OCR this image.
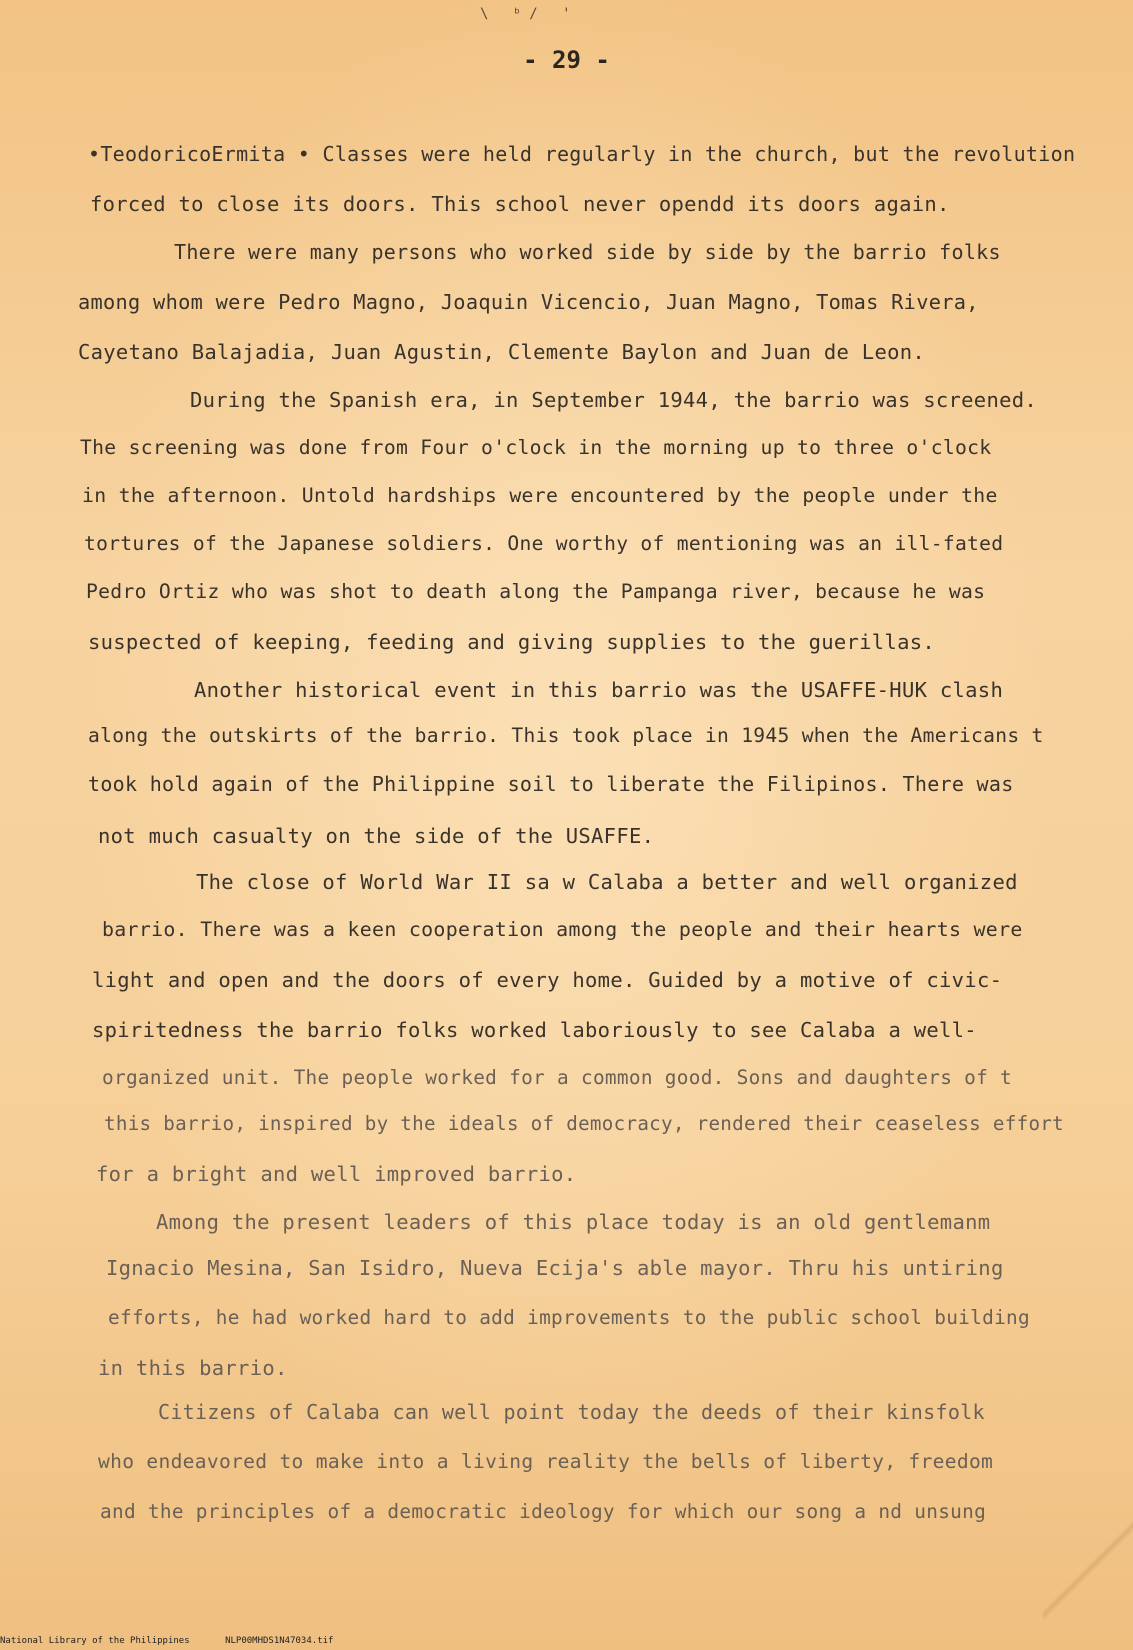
\ ᵇ/ '
- 29 -
•TeodoricoErmita • Classes were held regularly in the church, but the revolution
forced to close its doors. This school never opendd its doors again.
There were many persons who worked side by side by the barrio folks
among whom were Pedro Magno, Joaquin Vicencio, Juan Magno, Tomas Rivera,
Cayetano Balajadia, Juan Agustin, Clemente Baylon and Juan de Leon.
During the Spanish era, in September 1944, the barrio was screened.
The screening was done from Four o'clock in the morning up to three o'clock
in the afternoon. Untold hardships were encountered by the people under the
tortures of the Japanese soldiers. One worthy of mentioning was an ill-fated
Pedro Ortiz who was shot to death along the Pampanga river, because he was
suspected of keeping, feeding and giving supplies to the guerillas.
Another historical event in this barrio was the USAFFE-HUK clash
along the outskirts of the barrio. This took place in 1945 when the Americans t
took hold again of the Philippine soil to liberate the Filipinos. There was
not much casualty on the side of the USAFFE.
The close of World War II sa w Calaba a better and well organized
barrio. There was a keen cooperation among the people and their hearts were
light and open and the doors of every home. Guided by a motive of civic-
spiritedness the barrio folks worked laboriously to see Calaba a well-
organized unit. The people worked for a common good. Sons and daughters of t
this barrio, inspired by the ideals of democracy, rendered their ceaseless effort
for a bright and well improved barrio.
Among the present leaders of this place today is an old gentlemanm
Ignacio Mesina, San Isidro, Nueva Ecija's able mayor. Thru his untiring
efforts, he had worked hard to add improvements to the public school building
in this barrio.
Citizens of Calaba can well point today the deeds of their kinsfolk
who endeavored to make into a living reality the bells of liberty, freedom
and the principles of a democratic ideology for which our song a nd unsung
National Library of the Philippines	NLP00MHDS1N47034.tif
